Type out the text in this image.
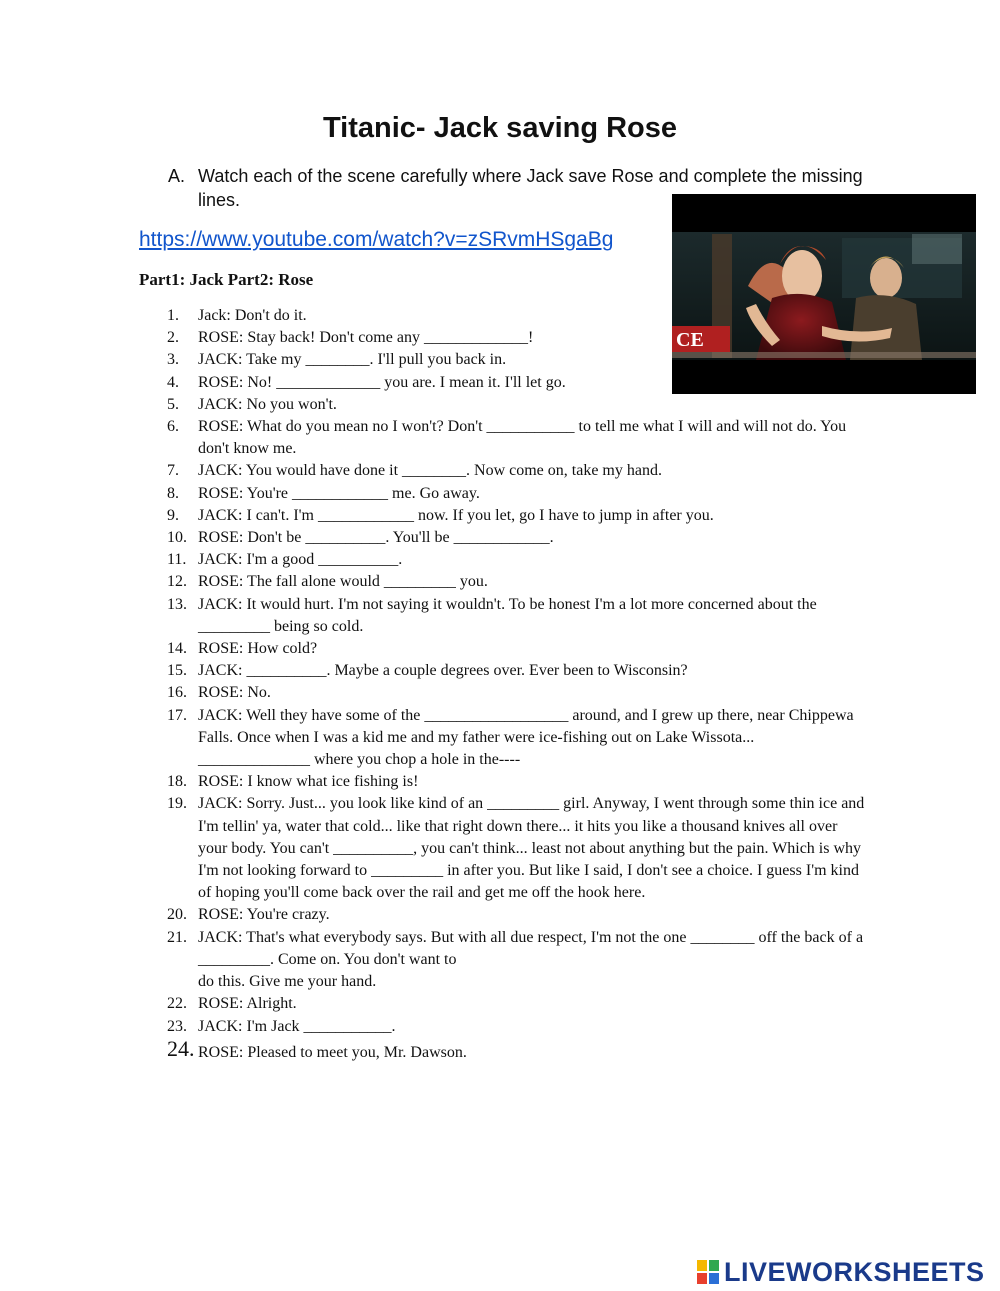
Titanic- Jack saving Rose
A. Watch each of the scene carefully where Jack save Rose and complete the missing lines.
https://www.youtube.com/watch?v=zSRvmHSgaBg
Part1: Jack Part2: Rose
CE
1. Jack: Don't do it.
2. ROSE: Stay back! Don't come any _____________!
3. JACK: Take my ________. I'll pull you back in.
4. ROSE: No! _____________ you are. I mean it. I'll let go.
5. JACK: No you won't.
6. ROSE: What do you mean no I won't? Don't ___________ to tell me what I will and will not do. You don't know me.
7. JACK: You would have done it ________. Now come on, take my hand.
8. ROSE: You're ____________ me. Go away.
9. JACK: I can't. I'm ____________ now. If you let, go I have to jump in after you.
10. ROSE: Don't be __________. You'll be ____________.
11. JACK: I'm a good __________.
12. ROSE: The fall alone would _________ you.
13. JACK: It would hurt. I'm not saying it wouldn't. To be honest I'm a lot more concerned about the _________ being so cold.
14. ROSE: How cold?
15. JACK: __________. Maybe a couple degrees over. Ever been to Wisconsin?
16. ROSE: No.
17. JACK: Well they have some of the __________________ around, and I grew up there, near Chippewa Falls. Once when I was a kid me and my father were ice-fishing out on Lake Wissota... ______________ where you chop a hole in the----
18. ROSE: I know what ice fishing is!
19. JACK: Sorry. Just... you look like kind of an _________ girl. Anyway, I went through some thin ice and I'm tellin' ya, water that cold... like that right down there... it hits you like a thousand knives all over your body. You can't __________, you can't think... least not about anything but the pain. Which is why I'm not looking forward to _________ in after you. But like I said, I don't see a choice. I guess I'm kind of hoping you'll come back over the rail and get me off the hook here.
20. ROSE: You're crazy.
21. JACK: That's what everybody says. But with all due respect, I'm not the one ________ off the back of a _________. Come on. You don't want to
do this. Give me your hand.
22. ROSE: Alright.
23. JACK: I'm Jack ___________.
24. ROSE: Pleased to meet you, Mr. Dawson.
LIVEWORKSHEETS
